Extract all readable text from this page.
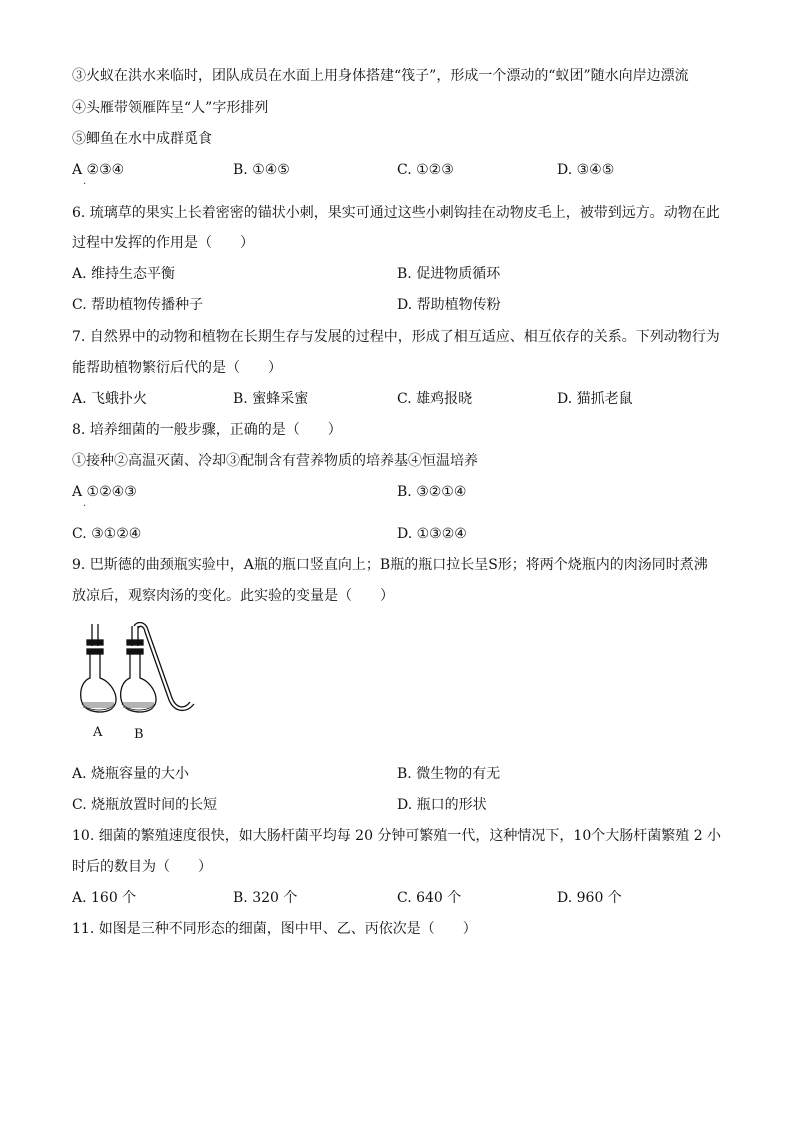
③火蚁在洪水来临时，团队成员在水面上用身体搭建“筏子”，形成一个漂动的“蚁团”随水向岸边漂流
④头雁带领雁阵呈“人”字形排列
⑤鲫鱼在水中成群觅食
A ②③④	B. ①④⑤	C. ①②③	D. ③④⑤
·
6. 琉璃草的果实上长着密密的锚状小刺，果实可通过这些小刺钩挂在动物皮毛上，被带到远方。动物在此
过程中发挥的作用是（　　）
A. 维持生态平衡	B. 促进物质循环
C. 帮助植物传播种子	D. 帮助植物传粉
7. 自然界中的动物和植物在长期生存与发展的过程中，形成了相互适应、相互依存的关系。下列动物行为
能帮助植物繁衍后代的是（　　）
A. 飞蛾扑火	B. 蜜蜂采蜜	C. 雄鸡报晓	D. 猫抓老鼠
8. 培养细菌的一般步骤，正确的是（　　）
①接种②高温灭菌、冷却③配制含有营养物质的培养基④恒温培养
A ①②④③	B. ③②①④
·
C. ③①②④	D. ①③②④
9. 巴斯德的曲颈瓶实验中，A瓶的瓶口竖直向上；B瓶的瓶口拉长呈S形；将两个烧瓶内的肉汤同时煮沸
放凉后，观察肉汤的变化。此实验的变量是（　　）
A B
A. 烧瓶容量的大小	B. 微生物的有无
C. 烧瓶放置时间的长短	D. 瓶口的形状
10. 细菌的繁殖速度很快，如大肠杆菌平均每 20 分钟可繁殖一代，这种情况下，10个大肠杆菌繁殖 2 小
时后的数目为（　　）
A. 160 个	B. 320 个	C. 640 个	D. 960 个
11. 如图是三种不同形态的细菌，图中甲、乙、丙依次是（　　）
